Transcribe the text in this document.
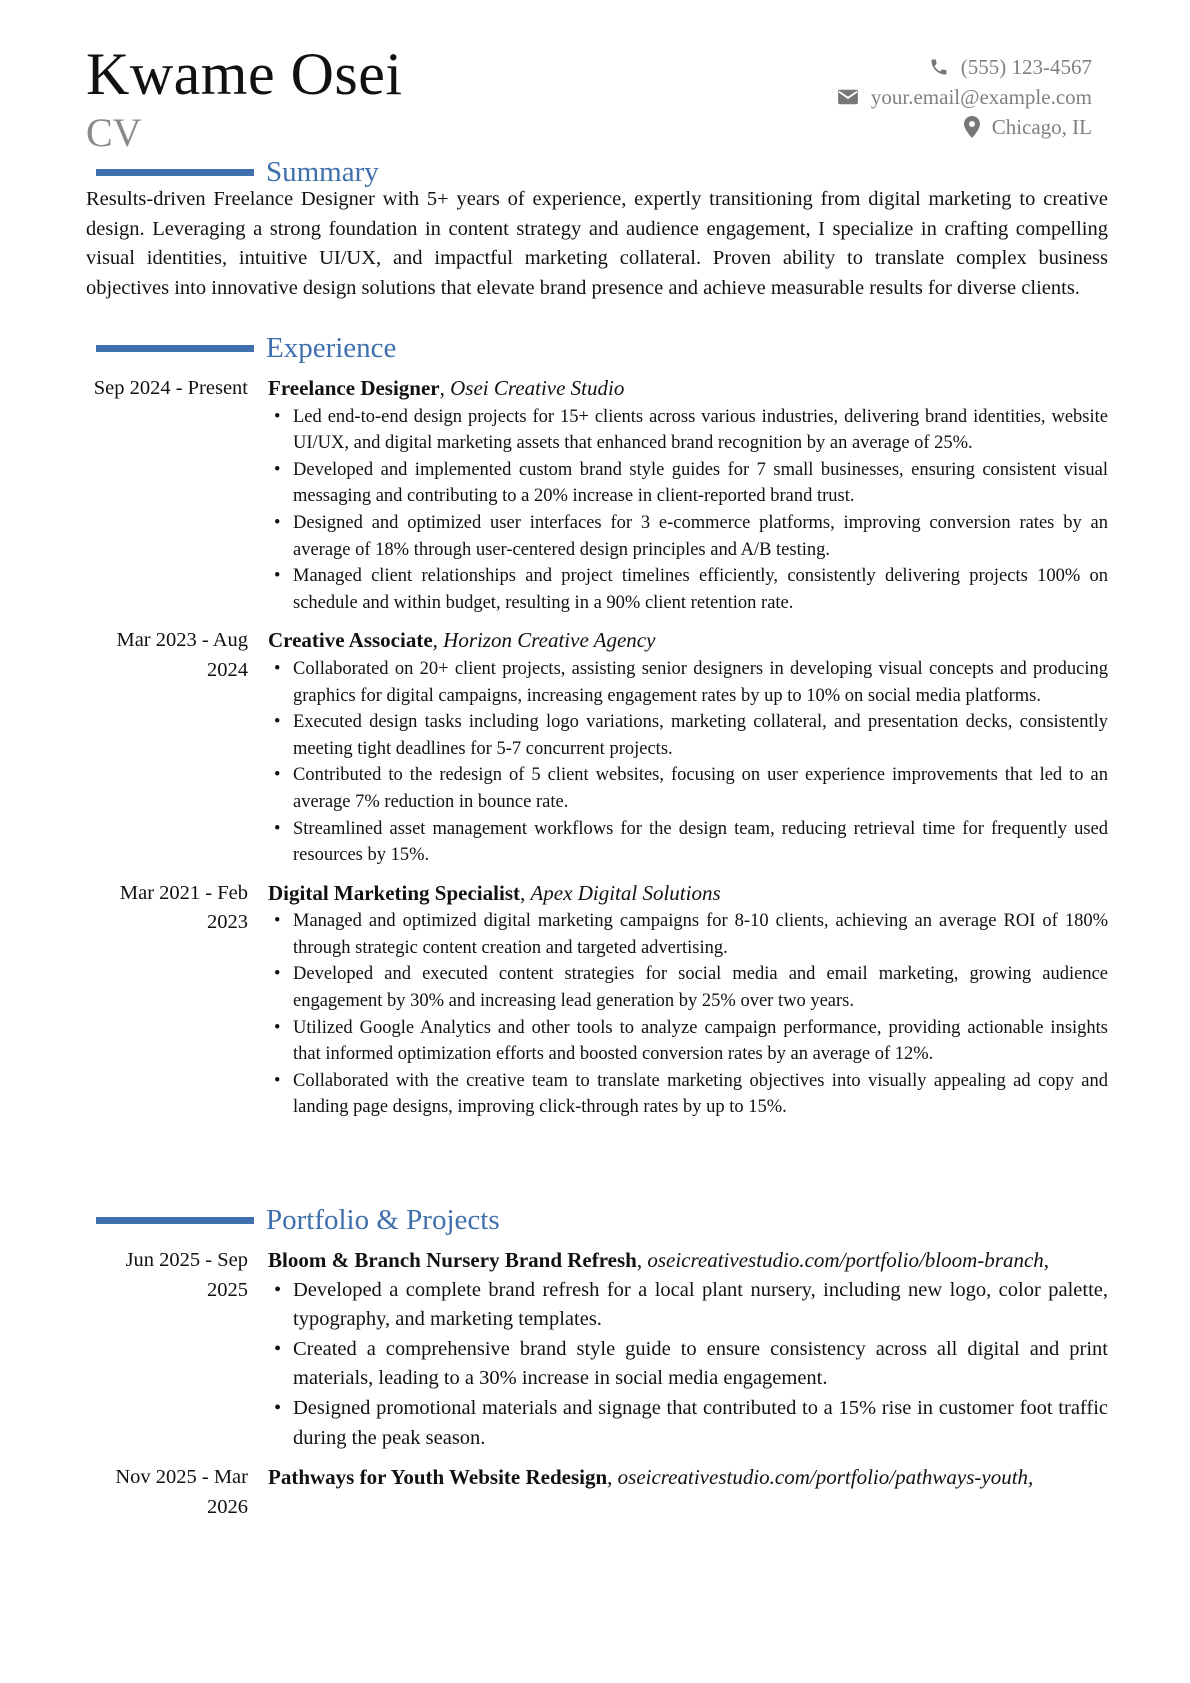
Kwame Osei
CV
(555) 123-4567
your.email@example.com
Chicago, IL
Summary
Results-driven Freelance Designer with 5+ years of experience, expertly transitioning from digital marketing to creative design. Leveraging a strong foundation in content strategy and audience engagement, I specialize in crafting compelling visual identities, intuitive UI/UX, and impactful marketing collateral. Proven ability to translate complex business objectives into innovative design solutions that elevate brand presence and achieve measurable results for diverse clients.
Experience
Sep 2024 - Present Freelance Designer, Osei Creative Studio
• Led end-to-end design projects for 15+ clients across various industries, delivering brand identities, website UI/UX, and digital marketing assets that enhanced brand recognition by an average of 25%.
• Developed and implemented custom brand style guides for 7 small businesses, ensuring consistent visual messaging and contributing to a 20% increase in client-reported brand trust.
• Designed and optimized user interfaces for 3 e-commerce platforms, improving conversion rates by an average of 18% through user-centered design principles and A/B testing.
• Managed client relationships and project timelines efficiently, consistently delivering projects 100% on schedule and within budget, resulting in a 90% client retention rate.
Mar 2023 - Aug 2024
Creative Associate, Horizon Creative Agency
• Collaborated on 20+ client projects, assisting senior designers in developing visual concepts and producing graphics for digital campaigns, increasing engagement rates by up to 10% on social media platforms.
• Executed design tasks including logo variations, marketing collateral, and presentation decks, consistently meeting tight deadlines for 5-7 concurrent projects.
• Contributed to the redesign of 5 client websites, focusing on user experience improvements that led to an average 7% reduction in bounce rate.
• Streamlined asset management workflows for the design team, reducing retrieval time for frequently used resources by 15%.
Mar 2021 - Feb 2023
Digital Marketing Specialist, Apex Digital Solutions
• Managed and optimized digital marketing campaigns for 8-10 clients, achieving an average ROI of 180% through strategic content creation and targeted advertising.
• Developed and executed content strategies for social media and email marketing, growing audience engagement by 30% and increasing lead generation by 25% over two years.
• Utilized Google Analytics and other tools to analyze campaign performance, providing actionable insights that informed optimization efforts and boosted conversion rates by an average of 12%.
• Collaborated with the creative team to translate marketing objectives into visually appealing ad copy and landing page designs, improving click-through rates by up to 15%.
Portfolio & Projects
Jun 2025 - Sep 2025
Bloom & Branch Nursery Brand Refresh, oseicreativestudio.com/portfolio/bloom-branch,
• Developed a complete brand refresh for a local plant nursery, including new logo, color palette, typography, and marketing templates.
• Created a comprehensive brand style guide to ensure consistency across all digital and print materials, leading to a 30% increase in social media engagement.
• Designed promotional materials and signage that contributed to a 15% rise in customer foot traffic during the peak season.
Nov 2025 - Mar 2026
Pathways for Youth Website Redesign, oseicreativestudio.com/portfolio/pathways-youth,
